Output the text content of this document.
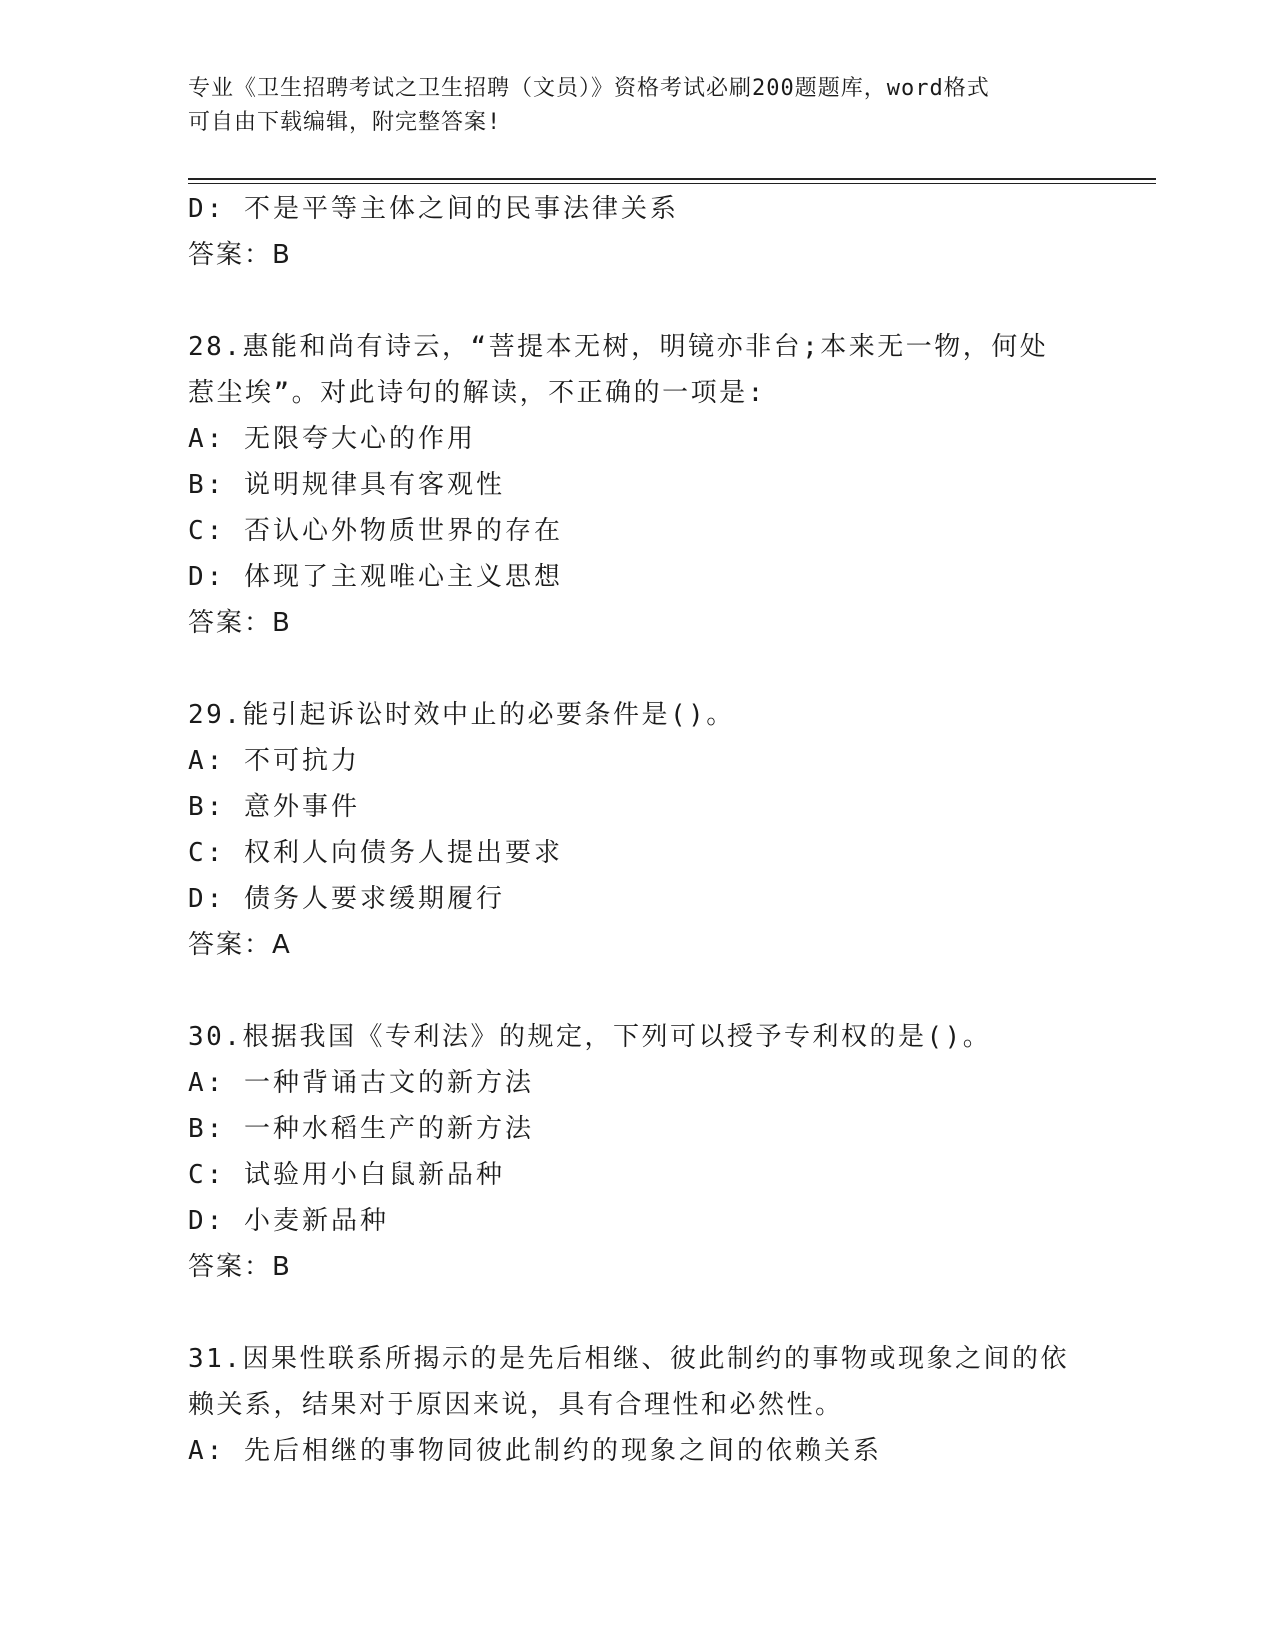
专业《卫生招聘考试之卫生招聘（文员）》资格考试必刷200题题库，word格式
可自由下载编辑，附完整答案!
D: 不是平等主体之间的民事法律关系
答案：B
28.惠能和尚有诗云，“菩提本无树，明镜亦非台;本来无一物，何处
惹尘埃”。对此诗句的解读，不正确的一项是:
A: 无限夸大心的作用
B: 说明规律具有客观性
C: 否认心外物质世界的存在
D: 体现了主观唯心主义思想
答案：B
29.能引起诉讼时效中止的必要条件是()。
A: 不可抗力
B: 意外事件
C: 权利人向债务人提出要求
D: 债务人要求缓期履行
答案：A
30.根据我国《专利法》的规定，下列可以授予专利权的是()。
A: 一种背诵古文的新方法
B: 一种水稻生产的新方法
C: 试验用小白鼠新品种
D: 小麦新品种
答案：B
31.因果性联系所揭示的是先后相继、彼此制约的事物或现象之间的依
赖关系，结果对于原因来说，具有合理性和必然性。
A: 先后相继的事物同彼此制约的现象之间的依赖关系
